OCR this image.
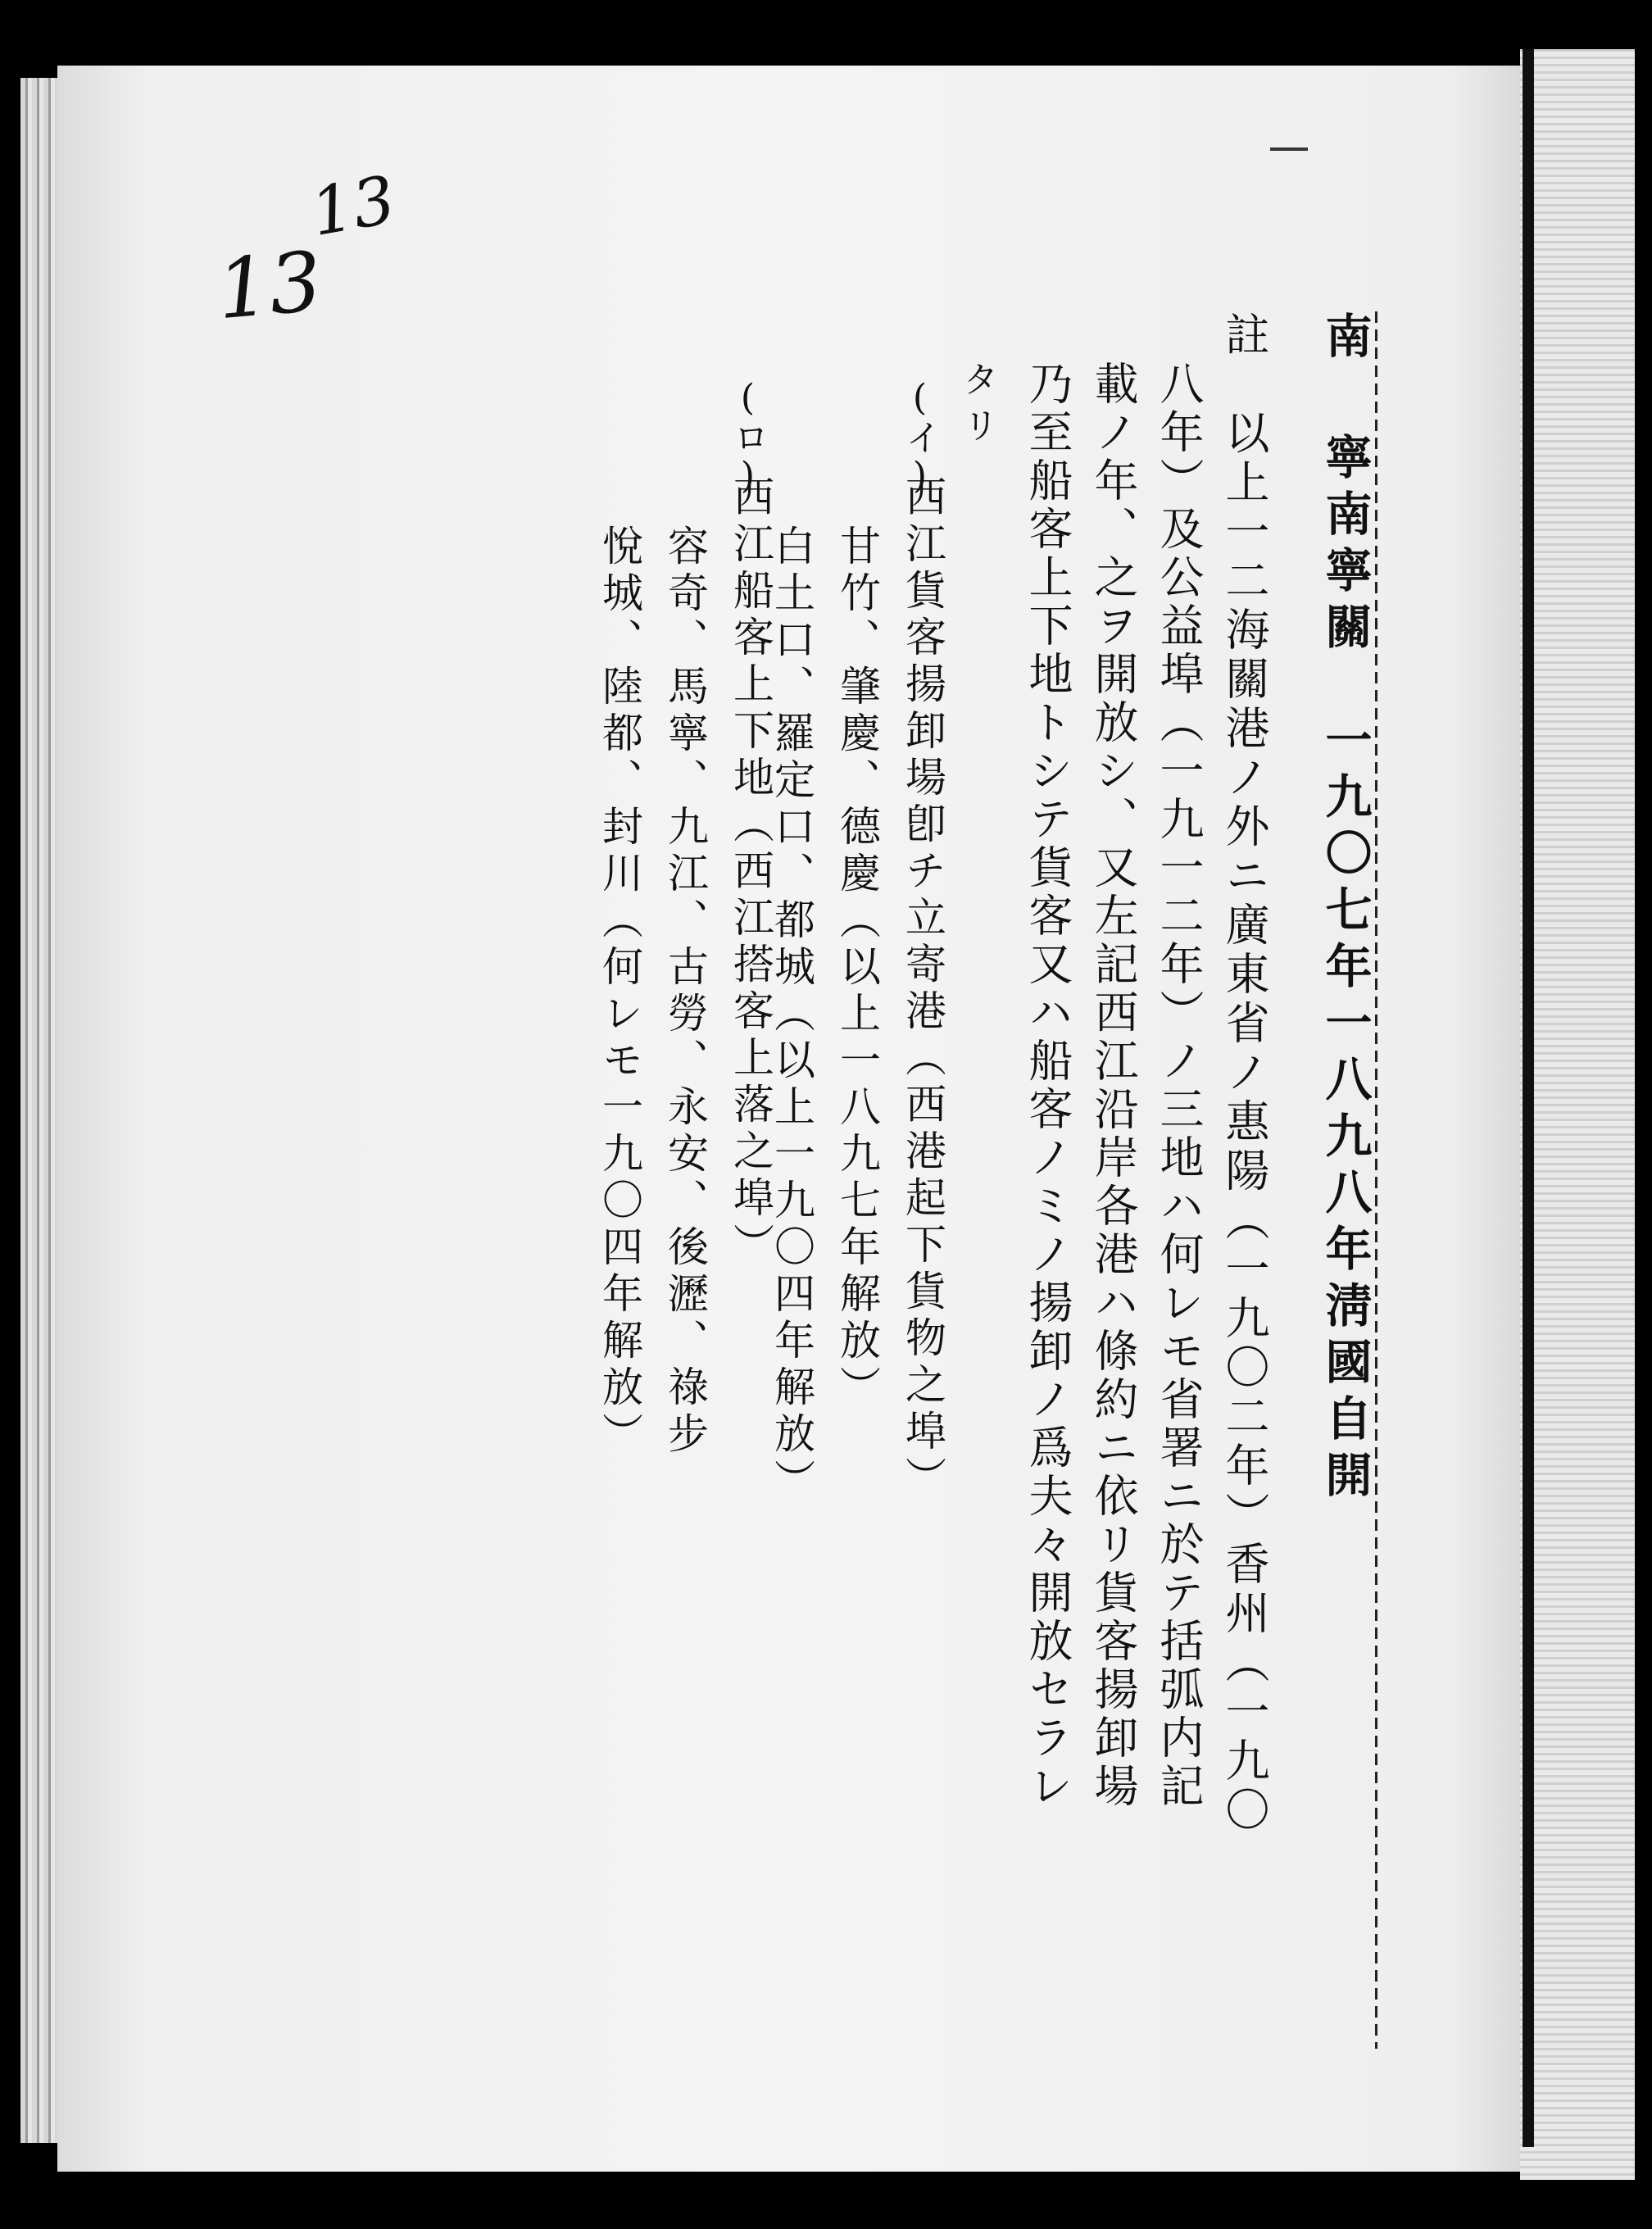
13
13
南 寧南寧關　一九〇七年一八九八年淸國自開
註　以上一二海關港ノ外ニ廣東省ノ惠陽（一九〇二年）香州（一九〇
八年）及公益埠（一九一二年）ノ三地ハ何レモ省署ニ於テ括弧内記
載ノ年、之ヲ開放シ、又左記西江沿岸各港ハ條約ニ依リ貨客揚卸場
乃至船客上下地トシテ貨客又ハ船客ノミノ揚卸ノ爲夫々開放セラレ
タリ
(イ)
西江貨客揚卸場卽チ立寄港（西港起下貨物之埠）
甘竹、肇慶、德慶（以上一八九七年解放）
白土口、羅定口、都城（以上一九〇四年解放）
(ロ)
西江船客上下地（西江搭客上落之埠）
容奇、馬寧、九江、古勞、永安、後瀝、祿步
悅城、陸都、封川（何レモ一九〇四年解放）
